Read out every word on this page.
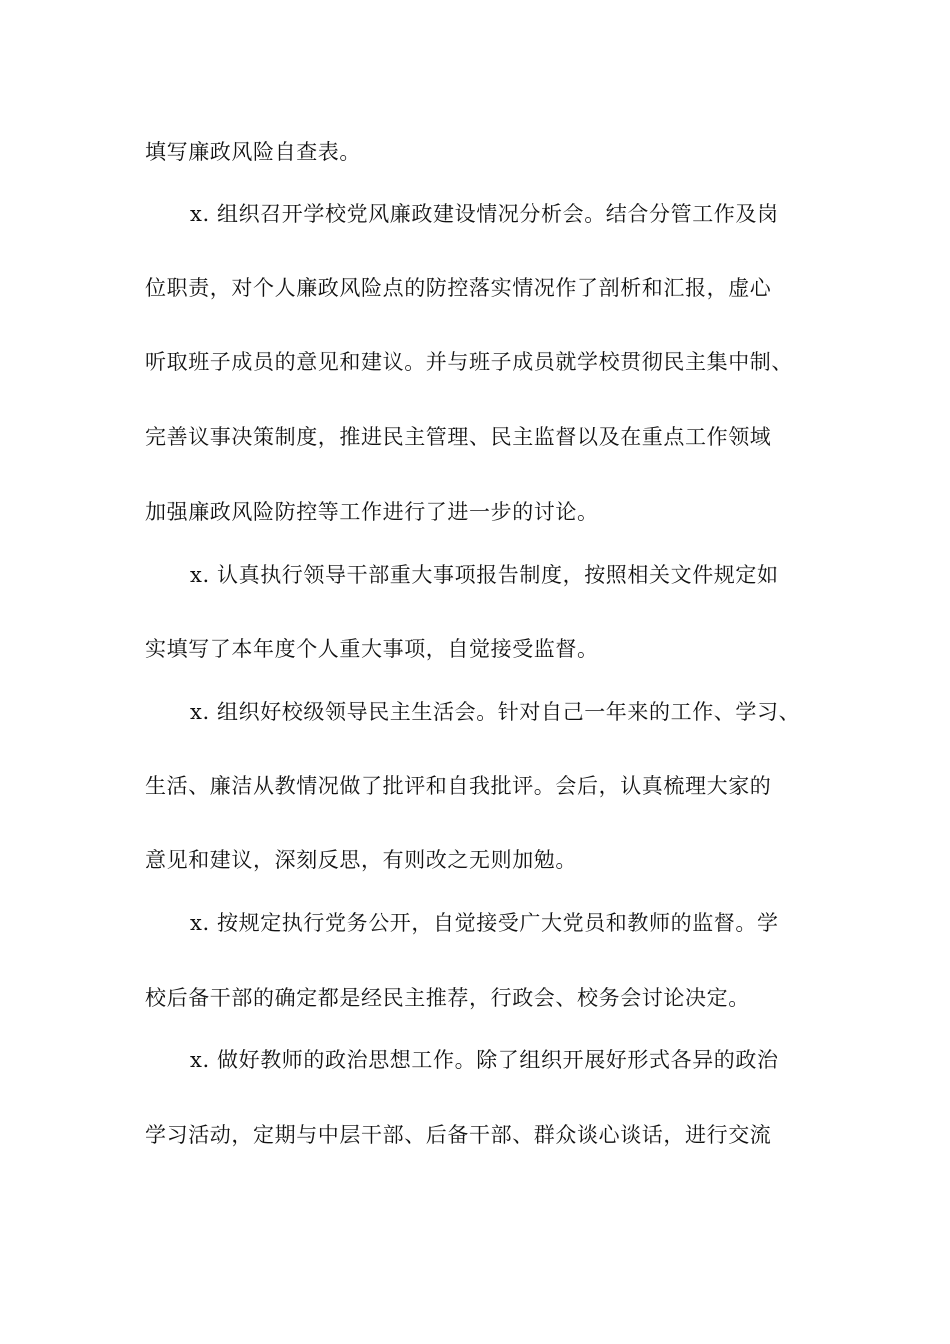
填写廉政风险自查表。
x. 组织召开学校党风廉政建设情况分析会。结合分管工作及岗
位职责，对个人廉政风险点的防控落实情况作了剖析和汇报，虚心
听取班子成员的意见和建议。并与班子成员就学校贯彻民主集中制、
完善议事决策制度，推进民主管理、民主监督以及在重点工作领域
加强廉政风险防控等工作进行了进一步的讨论。
x. 认真执行领导干部重大事项报告制度，按照相关文件规定如
实填写了本年度个人重大事项，自觉接受监督。
x. 组织好校级领导民主生活会。针对自己一年来的工作、学习、
生活、廉洁从教情况做了批评和自我批评。会后，认真梳理大家的
意见和建议，深刻反思，有则改之无则加勉。
x. 按规定执行党务公开，自觉接受广大党员和教师的监督。学
校后备干部的确定都是经民主推荐，行政会、校务会讨论决定。
x. 做好教师的政治思想工作。除了组织开展好形式各异的政治
学习活动，定期与中层干部、后备干部、群众谈心谈话，进行交流
